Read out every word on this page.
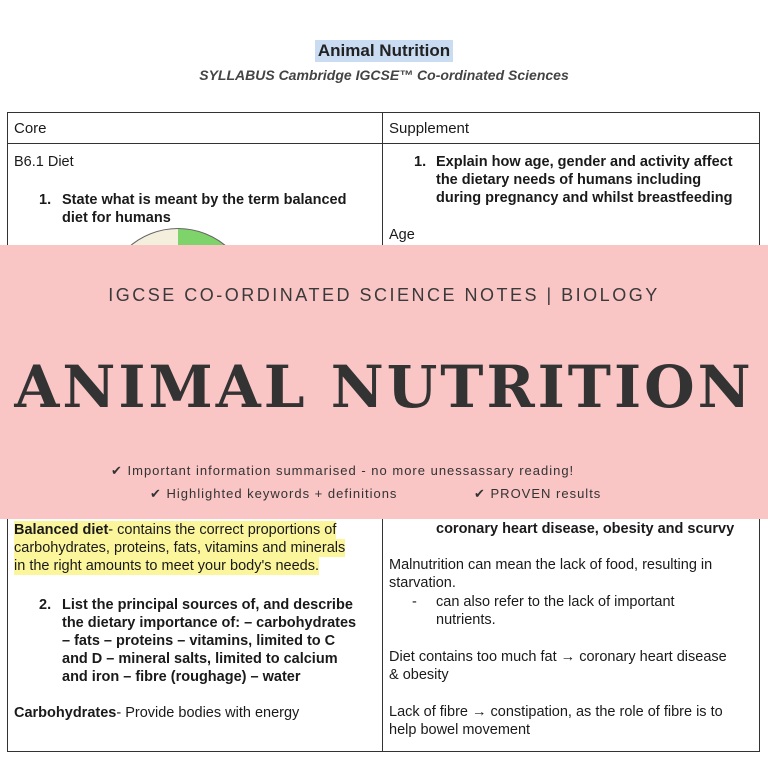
Animal Nutrition
SYLLABUS Cambridge IGCSE™ Co-ordinated Sciences
Core	Supplement
B6.1 Diet
1. State what is meant by the term balanced
diet for humans
Balanced diet- contains the correct proportions of
carbohydrates, proteins, fats, vitamins and minerals
in the right amounts to meet your body's needs.
2. List the principal sources of, and describe
the dietary importance of: – carbohydrates
– fats – proteins – vitamins, limited to C
and D – mineral salts, limited to calcium
and iron – fibre (roughage) – water
Carbohydrates- Provide bodies with energy
1. Explain how age, gender and activity affect
the dietary needs of humans including
during pregnancy and whilst breastfeeding
Age
coronary heart disease, obesity and scurvy
Malnutrition can mean the lack of food, resulting in
starvation.
- can also refer to the lack of important
nutrients.
Diet contains too much fat → coronary heart disease
& obesity
Lack of fibre → constipation, as the role of fibre is to
help bowel movement
IGCSE CO-ORDINATED SCIENCE NOTES | BIOLOGY
ANIMAL NUTRITION
✔ Important information summarised - no more unessassary reading!
✔ Highlighted keywords + definitions	✔ PROVEN results
